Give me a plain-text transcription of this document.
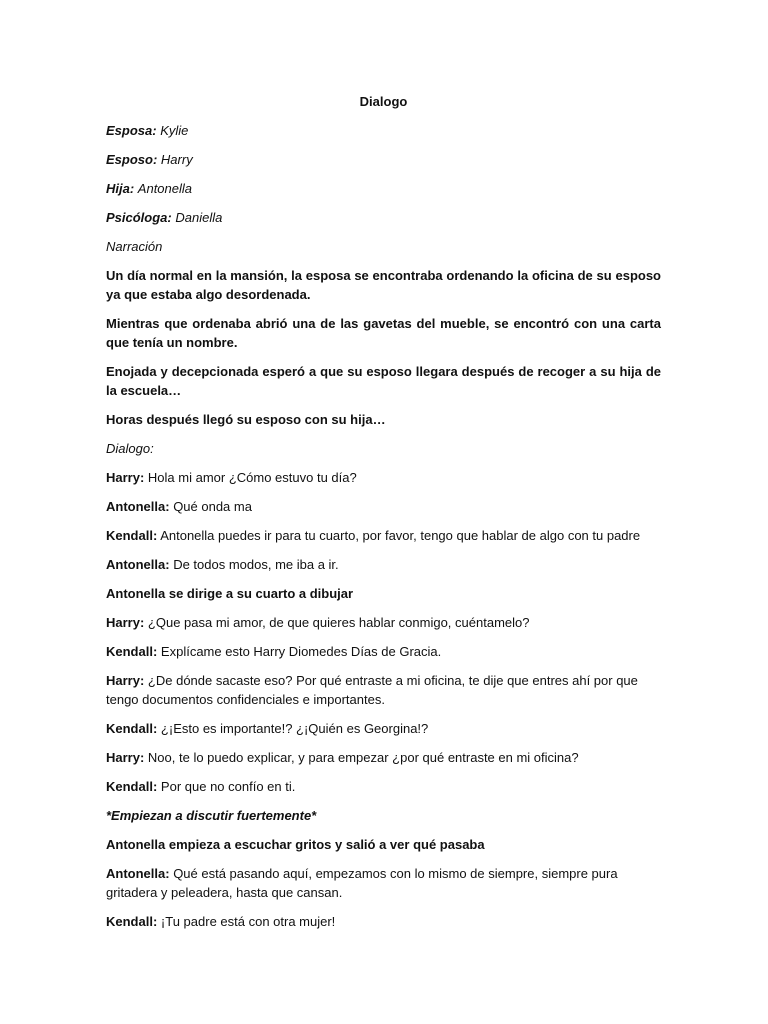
Dialogo

Esposa: Kylie

Esposo: Harry

Hija: Antonella

Psicóloga: Daniella

Narración

Un día normal en la mansión, la esposa se encontraba ordenando la oficina de su esposo ya que estaba algo desordenada.

Mientras que ordenaba abrió una de las gavetas del mueble, se encontró con una carta que tenía un nombre.

Enojada y decepcionada esperó a que su esposo llegara después de recoger a su hija de la escuela…

Horas después llegó su esposo con su hija…

Dialogo:

Harry: Hola mi amor ¿Cómo estuvo tu día?

Antonella: Qué onda ma

Kendall: Antonella puedes ir para tu cuarto, por favor, tengo que hablar de algo con tu padre

Antonella: De todos modos, me iba a ir.

Antonella se dirige a su cuarto a dibujar

Harry: ¿Que pasa mi amor, de que quieres hablar conmigo, cuéntamelo?

Kendall: Explícame esto Harry Diomedes Días de Gracia.

Harry: ¿De dónde sacaste eso? Por qué entraste a mi oficina, te dije que entres ahí por que tengo documentos confidenciales e importantes.

Kendall: ¿¡Esto es importante!? ¿¡Quién es Georgina!?

Harry: Noo, te lo puedo explicar, y para empezar ¿por qué entraste en mi oficina?

Kendall: Por que no confío en ti.

*Empiezan a discutir fuertemente*

Antonella empieza a escuchar gritos y salió a ver qué pasaba

Antonella: Qué está pasando aquí, empezamos con lo mismo de siempre, siempre pura gritadera y peleadera, hasta que cansan.

Kendall: ¡Tu padre está con otra mujer!
